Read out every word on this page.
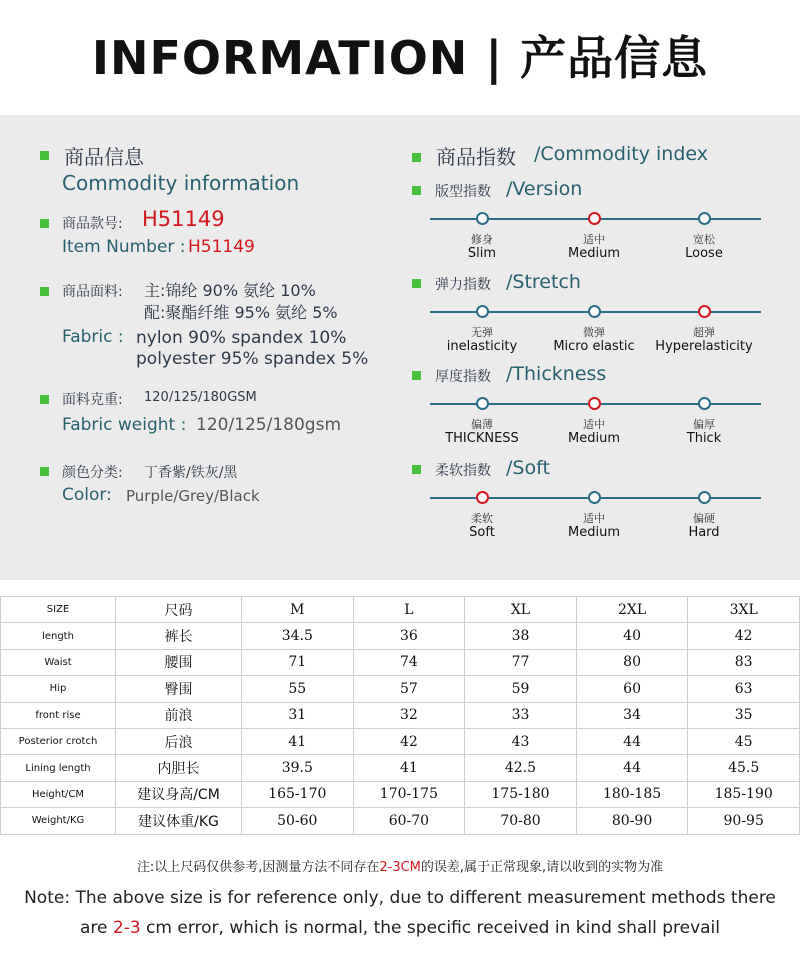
INFORMATION | 产品信息
商品信息
Commodity information
商品款号: H51149
Item Number : H51149
商品面料: 主:锦纶 90% 氨纶 10%
配:聚酯纤维 95% 氨纶 5%
Fabric : nylon 90% spandex 10%
polyester 95% spandex 5%
面料克重: 120/125/180GSM
Fabric weight : 120/125/180gsm
颜色分类: 丁香紫/铁灰/黑
Color: Purple/Grey/Black
商品指数 /Commodity index
版型指数 /Version
修身
Slim
适中
Medium
宽松
Loose
弹力指数 /Stretch
无弹
inelasticity
微弹
Micro elastic
超弹
Hyperelasticity
厚度指数 /Thickness
偏薄
THICKNESS
适中
Medium
偏厚
Thick
柔软指数 /Soft
柔软
Soft
适中
Medium
偏硬
Hard
SIZE	尺码	M	L	XL	2XL	3XL
length	裤长	34.5	36	38	40	42
Waist	腰围	71	74	77	80	83
Hip	臀围	55	57	59	60	63
front rise	前浪	31	32	33	34	35
Posterior crotch	后浪	41	42	43	44	45
Lining length	内胆长	39.5	41	42.5	44	45.5
Height/CM	建议身高/CM	165-170	170-175	175-180	180-185	185-190
Weight/KG	建议体重/KG	50-60	60-70	70-80	80-90	90-95
注:以上尺码仅供参考,因测量方法不同存在2-3CM的误差,属于正常现象,请以收到的实物为准
Note: The above size is for reference only, due to different measurement methods there
are 2-3 cm error, which is normal, the specific received in kind shall prevail
